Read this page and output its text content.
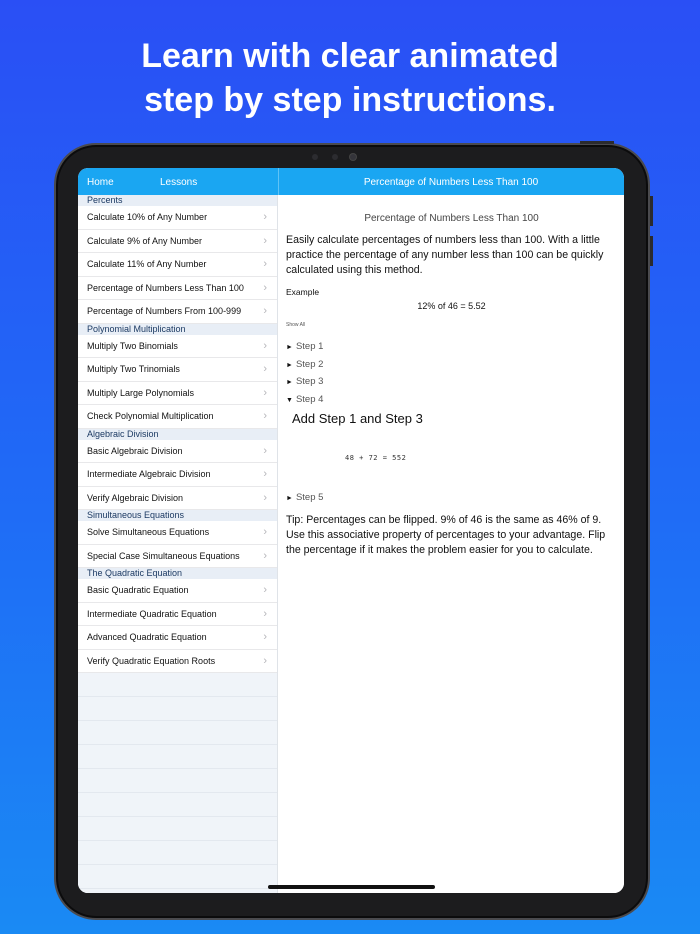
Learn with clear animated
step by step instructions.
Home	Lessons	Percentage of Numbers Less Than 100
Percents
Calculate 10% of Any Number	›
Calculate 9% of Any Number	›
Calculate 11% of Any Number	›
Percentage of Numbers Less Than 100 ›
Percentage of Numbers From 100-999 ›
Polynomial Multiplication
Multiply Two Binomials	›
Multiply Two Trinomials	›
Multiply Large Polynomials	›
Check Polynomial Multiplication	›
Algebraic Division
Basic Algebraic Division	›
Intermediate Algebraic Division	›
Verify Algebraic Division	›
Simultaneous Equations
Solve Simultaneous Equations	›
Special Case Simultaneous Equations ›
The Quadratic Equation
Basic Quadratic Equation	›
Intermediate Quadratic Equation	›
Advanced Quadratic Equation	›
Verify Quadratic Equation Roots	›
Percentage of Numbers Less Than 100
Easily calculate percentages of numbers less than 100. With a little practice the percentage of any number less than 100 can be quickly calculated using this method.
Example
12% of 46 = 5.52
Show All
► Step 1
► Step 2
► Step 3
▼ Step 4
Add Step 1 and Step 3
48 + 72 = 552
► Step 5
Tip: Percentages can be flipped. 9% of 46 is the same as 46% of 9. Use this associative property of percentages to your advantage. Flip the percentage if it makes the problem easier for you to calculate.
